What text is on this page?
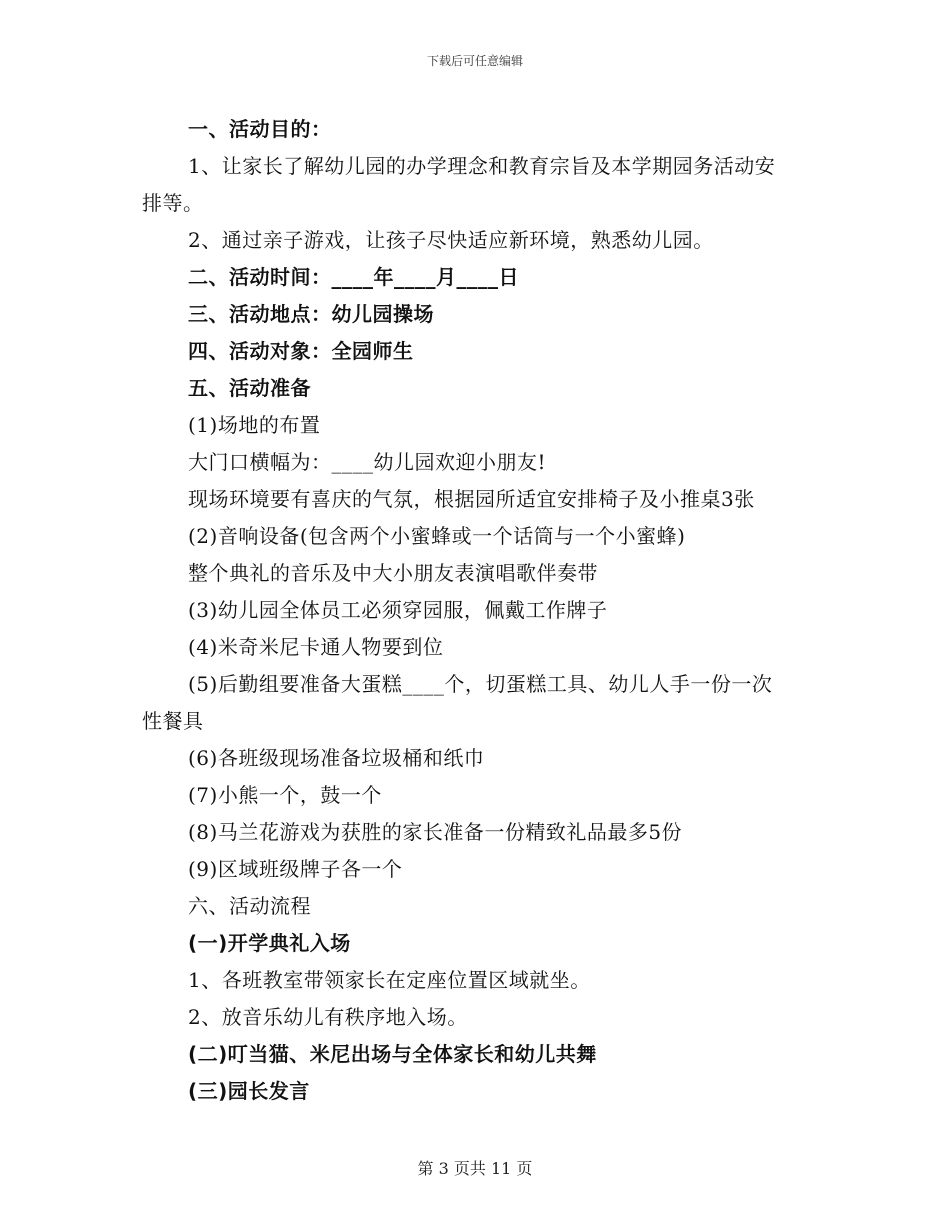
下载后可任意编辑
一、活动目的：
1、让家长了解幼儿园的办学理念和教育宗旨及本学期园务活动安
排等。
2、通过亲子游戏，让孩子尽快适应新环境，熟悉幼儿园。
二、活动时间：____年____月____日
三、活动地点：幼儿园操场
四、活动对象：全园师生
五、活动准备
(1)场地的布置
大门口横幅为：____幼儿园欢迎小朋友!
现场环境要有喜庆的气氛，根据园所适宜安排椅子及小推桌3张
(2)音响设备(包含两个小蜜蜂或一个话筒与一个小蜜蜂)
整个典礼的音乐及中大小朋友表演唱歌伴奏带
(3)幼儿园全体员工必须穿园服，佩戴工作牌子
(4)米奇米尼卡通人物要到位
(5)后勤组要准备大蛋糕____个，切蛋糕工具、幼儿人手一份一次
性餐具
(6)各班级现场准备垃圾桶和纸巾
(7)小熊一个，鼓一个
(8)马兰花游戏为获胜的家长准备一份精致礼品最多5份
(9)区域班级牌子各一个
六、活动流程
(一)开学典礼入场
1、各班教室带领家长在定座位置区域就坐。
2、放音乐幼儿有秩序地入场。
(二)叮当猫、米尼出场与全体家长和幼儿共舞
(三)园长发言
第 3 页共 11 页
